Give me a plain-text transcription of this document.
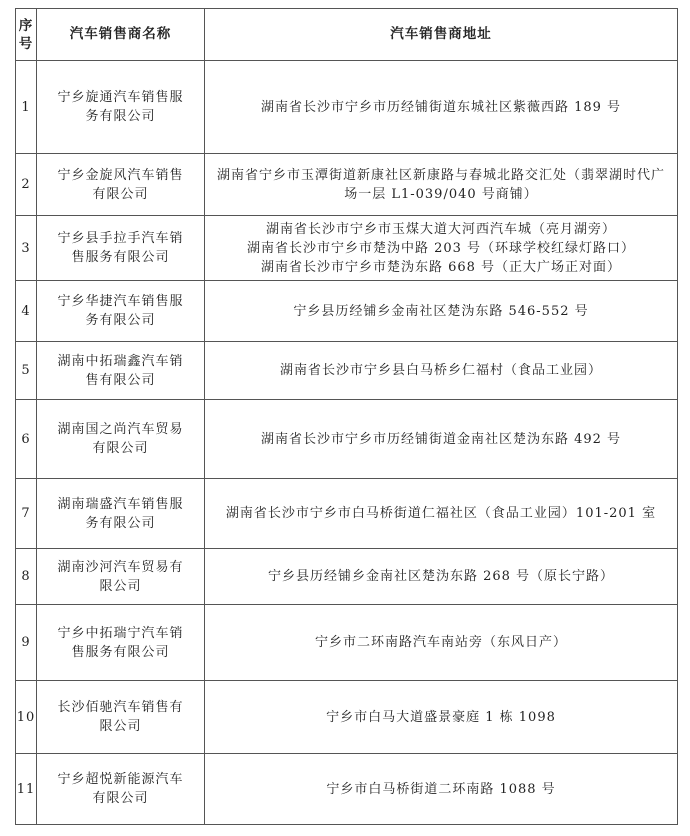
序号	汽车销售商名称	汽车销售商地址
1	宁乡旋通汽车销售服务有限公司	湖南省长沙市宁乡市历经铺街道东城社区紫薇西路 189 号

2	宁乡金旋风汽车销售有限公司	湖南省宁乡市玉潭街道新康社区新康路与春城北路交汇处（翡翠湖时代广场一层 L1-039/040 号商铺）

3	宁乡县手拉手汽车销售服务有限公司	湖南省长沙市宁乡市玉煤大道大河西汽车城（亮月湖旁）
湖南省长沙市宁乡市楚沩中路 203 号（环球学校红绿灯路口）
湖南省长沙市宁乡市楚沩东路 668 号（正大广场正对面）

4	宁乡华捷汽车销售服务有限公司	宁乡县历经铺乡金南社区楚沩东路 546-552 号

5	湖南中拓瑞鑫汽车销售有限公司	湖南省长沙市宁乡县白马桥乡仁福村（食品工业园）

6	湖南国之尚汽车贸易有限公司	湖南省长沙市宁乡市历经铺街道金南社区楚沩东路 492 号

7	湖南瑞盛汽车销售服务有限公司	湖南省长沙市宁乡市白马桥街道仁福社区（食品工业园）101-201 室

8	湖南沙河汽车贸易有限公司	宁乡县历经铺乡金南社区楚沩东路 268 号（原长宁路）

9	宁乡中拓瑞宁汽车销售服务有限公司	宁乡市二环南路汽车南站旁（东风日产）

10	长沙佰驰汽车销售有限公司	宁乡市白马大道盛景豪庭 1 栋 1098

11	宁乡超悦新能源汽车有限公司	宁乡市白马桥街道二环南路 1088 号
